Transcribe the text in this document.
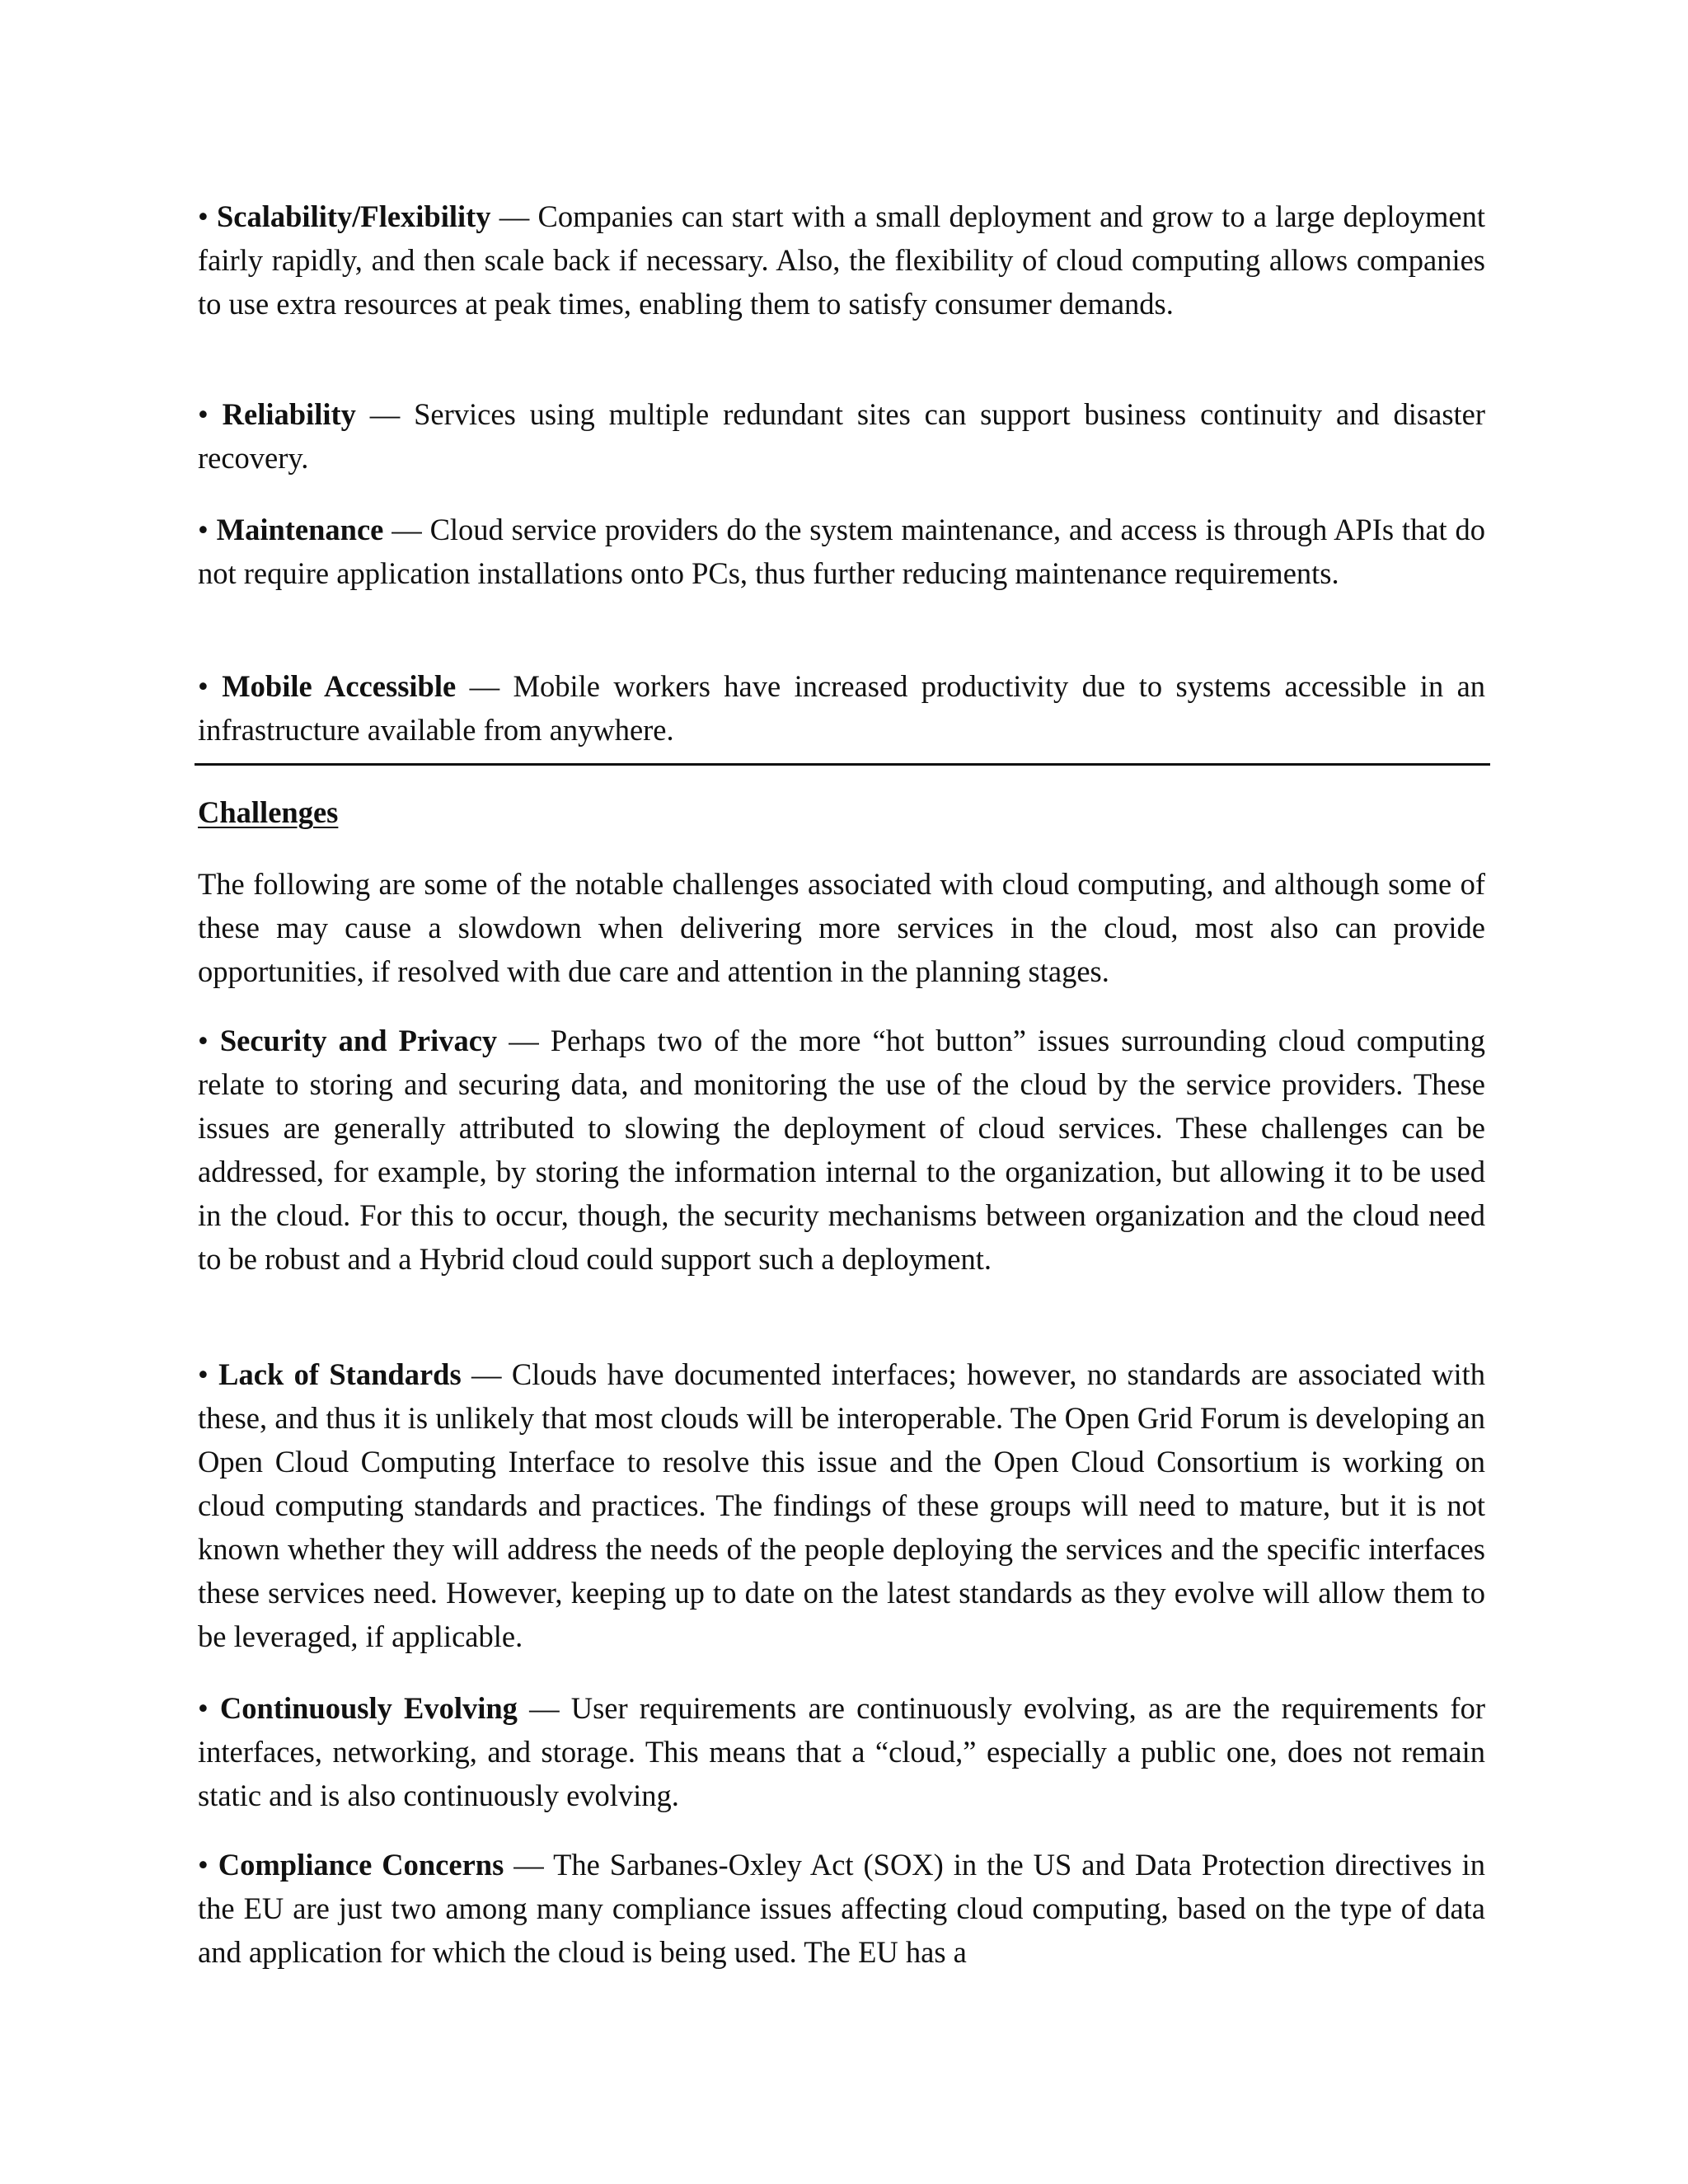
• Scalability/Flexibility — Companies can start with a small deployment and grow to a large deployment fairly rapidly, and then scale back if necessary. Also, the flexibility of cloud computing allows companies to use extra resources at peak times, enabling them to satisfy consumer demands.

• Reliability — Services using multiple redundant sites can support business continuity and disaster recovery.

• Maintenance — Cloud service providers do the system maintenance, and access is through APIs that do not require application installations onto PCs, thus further reducing maintenance requirements.

• Mobile Accessible — Mobile workers have increased productivity due to systems accessible in an infrastructure available from anywhere.

Challenges

The following are some of the notable challenges associated with cloud computing, and although some of these may cause a slowdown when delivering more services in the cloud, most also can provide opportunities, if resolved with due care and attention in the planning stages.

• Security and Privacy — Perhaps two of the more “hot button” issues surrounding cloud computing relate to storing and securing data, and monitoring the use of the cloud by the service providers. These issues are generally attributed to slowing the deployment of cloud services. These challenges can be addressed, for example, by storing the information internal to the organization, but allowing it to be used in the cloud. For this to occur, though, the security mechanisms between organization and the cloud need to be robust and a Hybrid cloud could support such a deployment.

• Lack of Standards — Clouds have documented interfaces; however, no standards are associated with these, and thus it is unlikely that most clouds will be interoperable. The Open Grid Forum is developing an Open Cloud Computing Interface to resolve this issue and the Open Cloud Consortium is working on cloud computing standards and practices. The findings of these groups will need to mature, but it is not known whether they will address the needs of the people deploying the services and the specific interfaces these services need. However, keeping up to date on the latest standards as they evolve will allow them to be leveraged, if applicable.

• Continuously Evolving — User requirements are continuously evolving, as are the requirements for interfaces, networking, and storage. This means that a “cloud,” especially a public one, does not remain static and is also continuously evolving.

• Compliance Concerns — The Sarbanes-Oxley Act (SOX) in the US and Data Protection directives in the EU are just two among many compliance issues affecting cloud computing, based on the type of data and application for which the cloud is being used. The EU has a
